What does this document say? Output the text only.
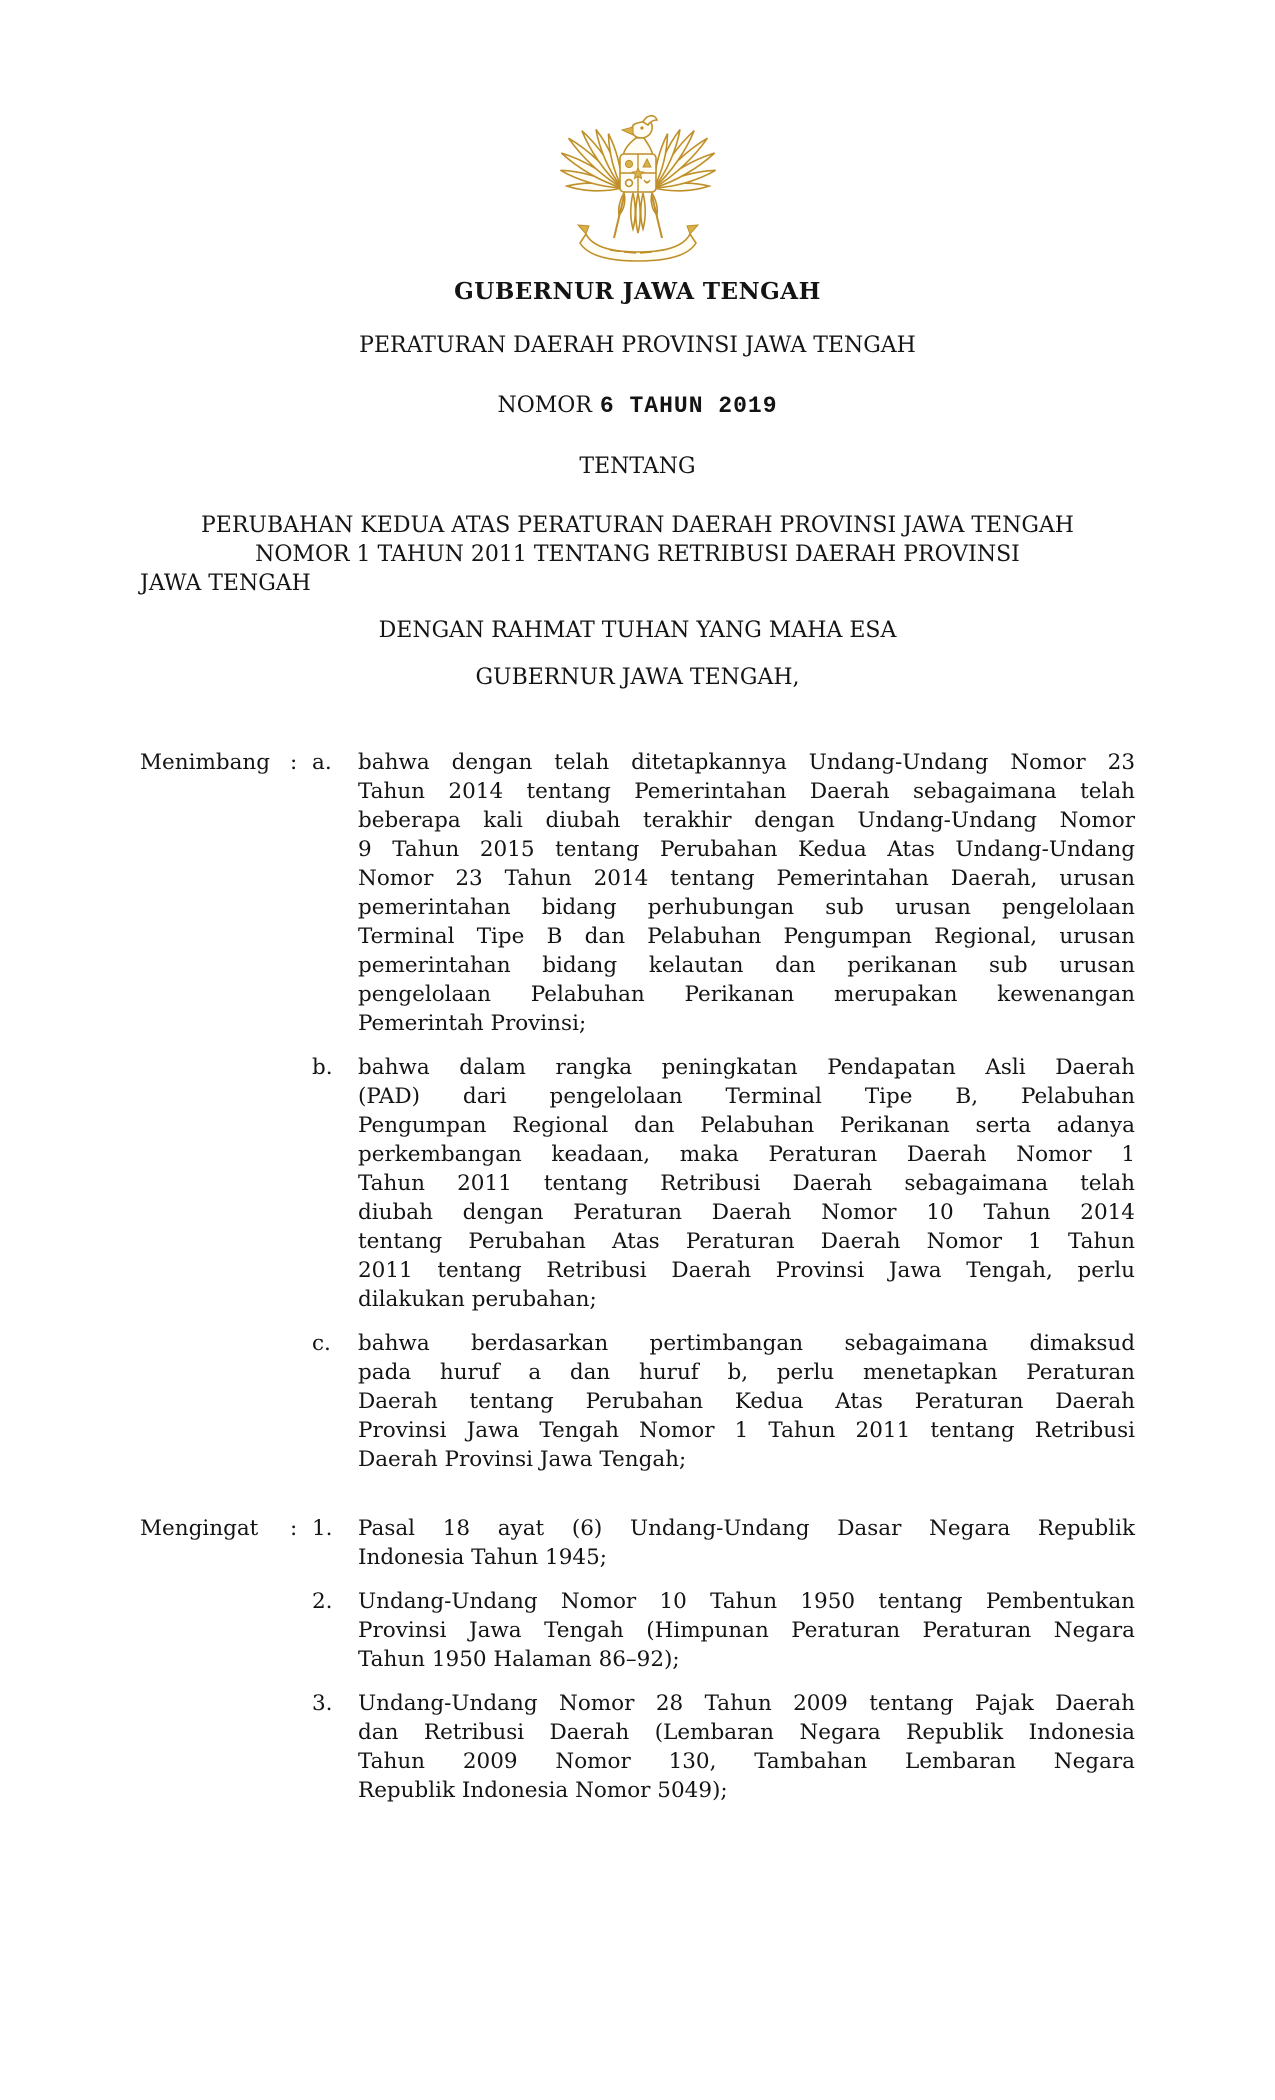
GUBERNUR JAWA TENGAH
PERATURAN DAERAH PROVINSI JAWA TENGAH
NOMOR 6 TAHUN 2019
TENTANG
PERUBAHAN KEDUA ATAS PERATURAN DAERAH PROVINSI JAWA TENGAH
NOMOR 1 TAHUN 2011 TENTANG RETRIBUSI DAERAH PROVINSI
JAWA TENGAH
DENGAN RAHMAT TUHAN YANG MAHA ESA
GUBERNUR JAWA TENGAH,
Menimbang : a.	bahwa dengan telah ditetapkannya Undang-Undang Nomor 23
Tahun 2014 tentang Pemerintahan Daerah sebagaimana telah
beberapa kali diubah terakhir dengan Undang-Undang Nomor
9 Tahun 2015 tentang Perubahan Kedua Atas Undang-Undang
Nomor 23 Tahun 2014 tentang Pemerintahan Daerah, urusan
pemerintahan bidang perhubungan sub urusan pengelolaan
Terminal Tipe B dan Pelabuhan Pengumpan Regional, urusan
pemerintahan bidang kelautan dan perikanan sub urusan
pengelolaan Pelabuhan Perikanan merupakan kewenangan
Pemerintah Provinsi;
b.	bahwa dalam rangka peningkatan Pendapatan Asli Daerah
(PAD) dari pengelolaan Terminal Tipe B, Pelabuhan
Pengumpan Regional dan Pelabuhan Perikanan serta adanya
perkembangan keadaan, maka Peraturan Daerah Nomor 1
Tahun 2011 tentang Retribusi Daerah sebagaimana telah
diubah dengan Peraturan Daerah Nomor 10 Tahun 2014
tentang Perubahan Atas Peraturan Daerah Nomor 1 Tahun
2011 tentang Retribusi Daerah Provinsi Jawa Tengah, perlu
dilakukan perubahan;
c.	bahwa berdasarkan pertimbangan sebagaimana dimaksud
pada huruf a dan huruf b, perlu menetapkan Peraturan
Daerah tentang Perubahan Kedua Atas Peraturan Daerah
Provinsi Jawa Tengah Nomor 1 Tahun 2011 tentang Retribusi
Daerah Provinsi Jawa Tengah;
Mengingat	: 1.	Pasal 18 ayat (6) Undang-Undang Dasar Negara Republik
Indonesia Tahun 1945;
2.	Undang-Undang Nomor 10 Tahun 1950 tentang Pembentukan
Provinsi Jawa Tengah (Himpunan Peraturan Peraturan Negara
Tahun 1950 Halaman 86–92);
3.	Undang-Undang Nomor 28 Tahun 2009 tentang Pajak Daerah
dan Retribusi Daerah (Lembaran Negara Republik Indonesia
Tahun 2009 Nomor 130, Tambahan Lembaran Negara
Republik Indonesia Nomor 5049);
